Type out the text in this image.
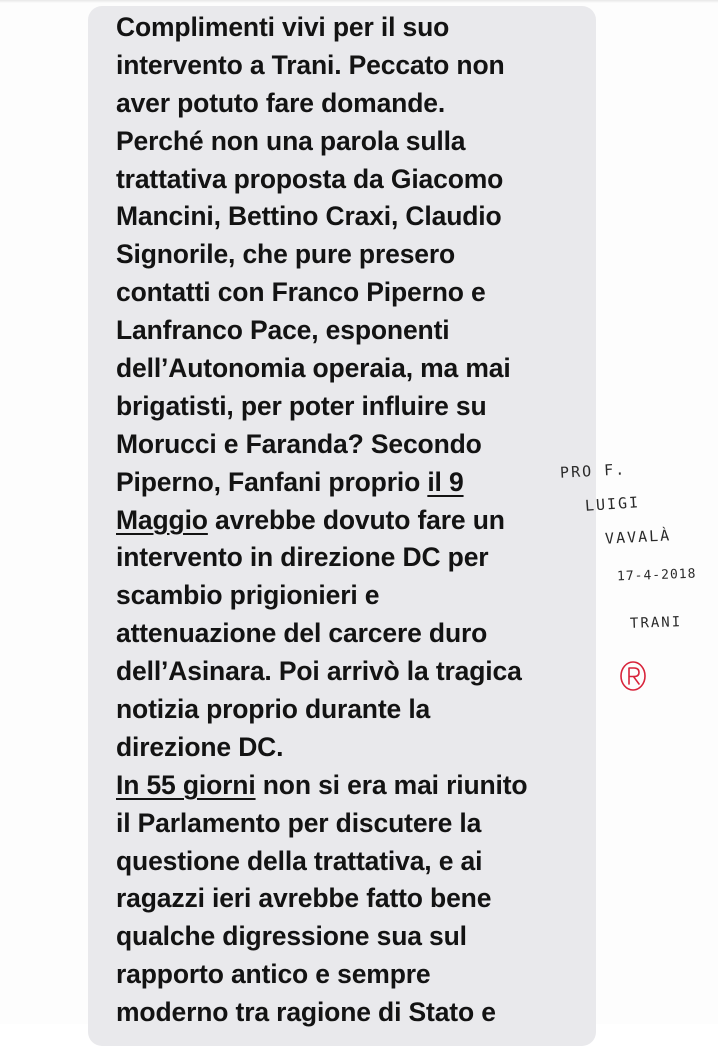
Complimenti vivi per il suo
intervento a Trani. Peccato non
aver potuto fare domande.
Perché non una parola sulla
trattativa proposta da Giacomo
Mancini, Bettino Craxi, Claudio
Signorile, che pure presero
contatti con Franco Piperno e
Lanfranco Pace, esponenti
dell’Autonomia operaia, ma mai
brigatisti, per poter influire su
Morucci e Faranda? Secondo
Piperno, Fanfani proprio il 9
Maggio avrebbe dovuto fare un
intervento in direzione DC per
scambio prigionieri e
attenuazione del carcere duro
dell’Asinara. Poi arrivò la tragica
notizia proprio durante la
direzione DC.
In 55 giorni non si era mai riunito
il Parlamento per discutere la
questione della trattativa, e ai
ragazzi ieri avrebbe fatto bene
qualche digressione sua sul
rapporto antico e sempre
moderno tra ragione di Stato e
PRO F.
LUIGI
VAVALÀ
17-4-2018
TRANI
